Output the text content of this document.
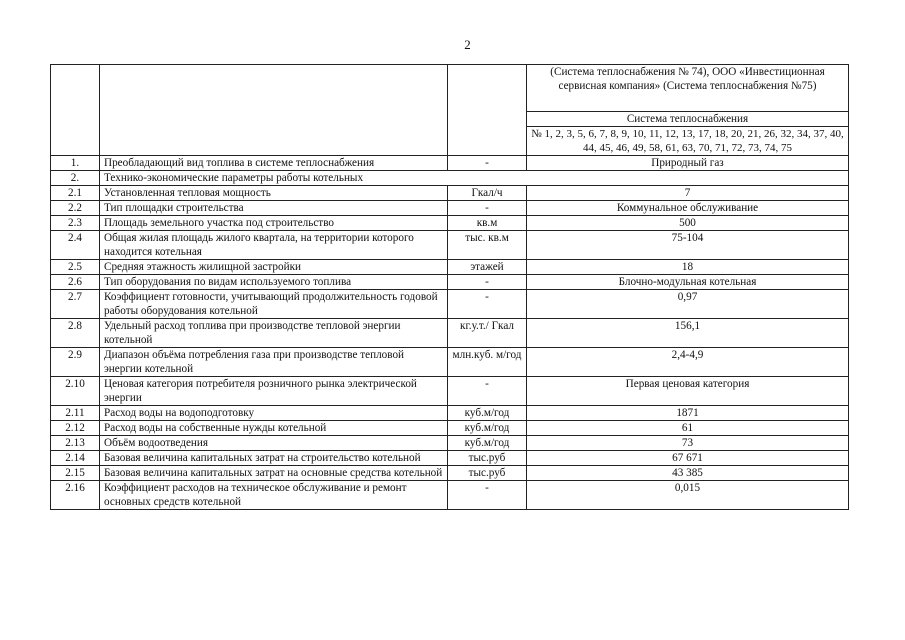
2
			(Система теплоснабжения № 74), ООО «Инвестиционная сервисная компания» (Система теплоснабжения №75)
			Система теплоснабжения
			№ 1, 2, 3, 5, 6, 7, 8, 9, 10, 11, 12, 13, 17, 18, 20, 21, 26, 32, 34, 37, 40, 44, 45, 46, 49, 58, 61, 63, 70, 71, 72, 73, 74, 75
1.	Преобладающий вид топлива в системе теплоснабжения	-	Природный газ
2.	Технико-экономические параметры работы котельных		
2.1	Установленная тепловая мощность	Гкал/ч	7
2.2	Тип площадки строительства	-	Коммунальное обслуживание
2.3	Площадь земельного участка под строительство	кв.м	500
2.4	Общая жилая площадь жилого квартала, на территории которого находится котельная	тыс. кв.м	75-104
2.5	Средняя этажность жилищной застройки	этажей	18
2.6	Тип оборудования по видам используемого топлива	-	Блочно-модульная котельная
2.7	Коэффициент готовности, учитывающий продолжительность годовой работы оборудования котельной	-	0,97
2.8	Удельный расход топлива при производстве тепловой энергии котельной	кг.у.т./ Гкал	156,1
2.9	Диапазон объёма потребления газа при производстве тепловой энергии котельной	млн.куб. м/год	2,4-4,9
2.10	Ценовая категория потребителя розничного рынка электрической энергии	-	Первая ценовая категория
2.11	Расход воды на водоподготовку	куб.м/год	1871
2.12	Расход воды на собственные нужды котельной	куб.м/год	61
2.13	Объём водоотведения	куб.м/год	73
2.14	Базовая величина капитальных затрат на строительство котельной	тыс.руб	67 671
2.15	Базовая величина капитальных затрат на основные средства котельной	тыс.руб	43 385
2.16	Коэффициент расходов на техническое обслуживание и ремонт основных средств котельной	-	0,015
